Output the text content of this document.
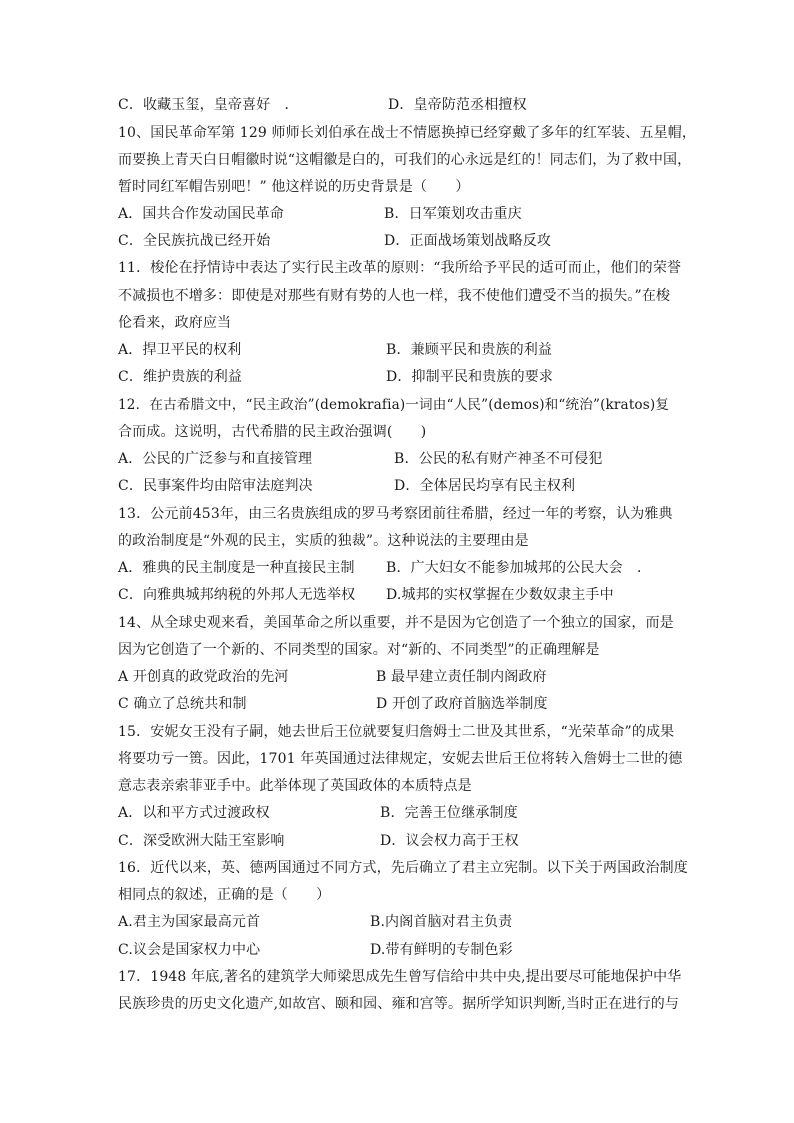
C．收藏玉玺，皇帝喜好　．	D．皇帝防范丞相擅权
10、国民革命军第 129 师师长刘伯承在战士不情愿换掉已经穿戴了多年的红军装、五星帽，
而要换上青天白日帽徽时说“这帽徽是白的，可我们的心永远是红的！同志们，为了救中国，
暂时同红军帽告别吧！” 他这样说的历史背景是（　　）
A．国共合作发动国民革命	B．日军策划攻击重庆
C．全民族抗战已经开始	D．正面战场策划战略反攻
11．梭伦在抒情诗中表达了实行民主改革的原则：“我所给予平民的适可而止，他们的荣誉
不减损也不增多：即使是对那些有财有势的人也一样，我不使他们遭受不当的损失。”在梭
伦看来，政府应当
A．捍卫平民的权利	B．兼顾平民和贵族的利益
C．维护贵族的利益	D．抑制平民和贵族的要求
12．在古希腊文中，“民主政治”(demokrafia)一词由“人民”(demos)和“统治”(kratos)复
合而成。这说明，古代希腊的民主政治强调(　　)
A．公民的广泛参与和直接管理	B．公民的私有财产神圣不可侵犯
C．民事案件均由陪审法庭判决	D．全体居民均享有民主权利
13．公元前453年，由三名贵族组成的罗马考察团前往希腊，经过一年的考察，认为雅典
的政治制度是“外观的民主，实质的独裁”。这种说法的主要理由是
A．雅典的民主制度是一种直接民主制 B．广大妇女不能参加城邦的公民大会　．
C．向雅典城邦纳税的外邦人无选举权 D.城邦的实权掌握在少数奴隶主手中
14、从全球史观来看，美国革命之所以重要，并不是因为它创造了一个独立的国家，而是
因为它创造了一个新的、不同类型的国家。对“新的、不同类型”的正确理解是
A 开创真的政党政治的先河	B 最早建立责任制内阁政府
C 确立了总统共和制	D 开创了政府首脑选举制度
15．安妮女王没有子嗣，她去世后王位就要复归詹姆士二世及其世系，“光荣革命”的成果
将要功亏一篑。因此，1701 年英国通过法律规定，安妮去世后王位将转入詹姆士二世的德
意志表亲索菲亚手中。此举体现了英国政体的本质特点是
A．以和平方式过渡政权	B．完善王位继承制度
C．深受欧洲大陆王室影响	D．议会权力高于王权
16．近代以来，英、德两国通过不同方式，先后确立了君主立宪制。以下关于两国政治制度
相同点的叙述，正确的是（　　）
A.君主为国家最高元首	B.内阁首脑对君主负责
C.议会是国家权力中心	D.带有鲜明的专制色彩
17．1948 年底,著名的建筑学大师梁思成先生曾写信给中共中央,提出要尽可能地保护中华
民族珍贵的历史文化遗产,如故宫、颐和园、雍和宫等。据所学知识判断,当时正在进行的与
